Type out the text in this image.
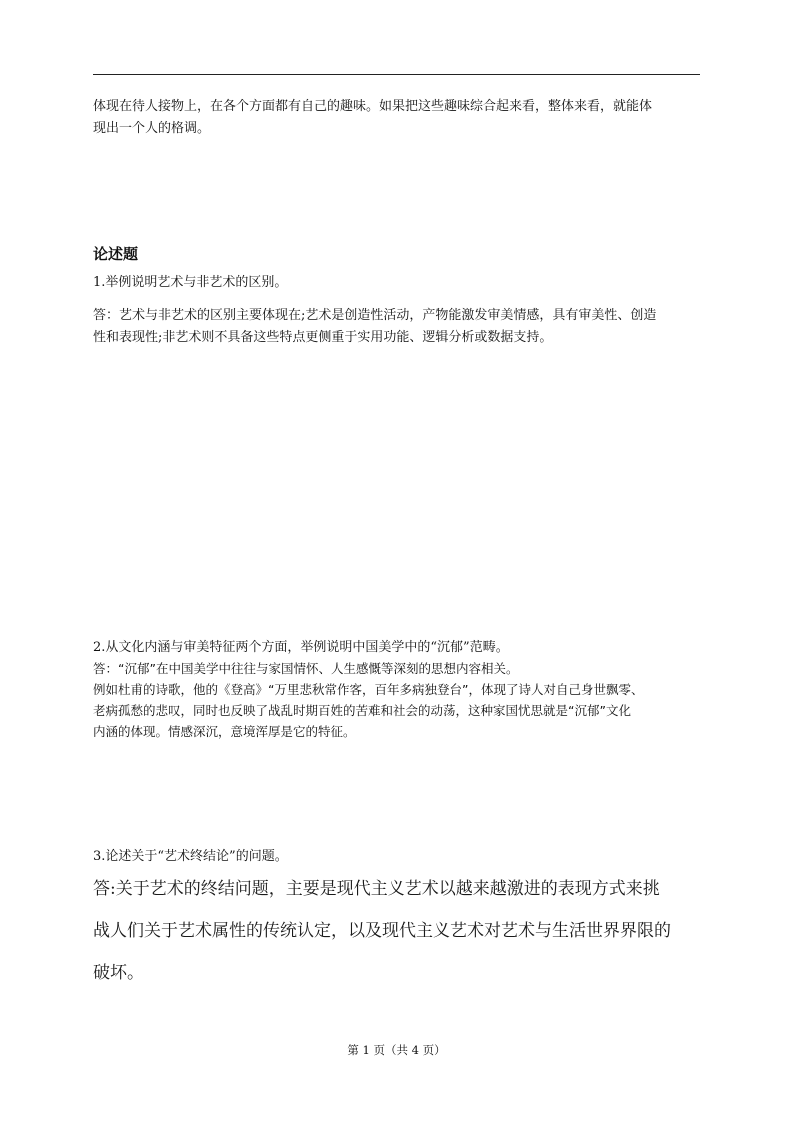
体现在待人接物上，在各个方面都有自己的趣味。如果把这些趣味综合起来看，整体来看，就能体

现出一个人的格调。

论述题

1.举例说明艺术与非艺术的区别。

答：艺术与非艺术的区别主要体现在;艺术是创造性活动，产物能激发审美情感，具有审美性、创造

性和表现性;非艺术则不具备这些特点更侧重于实用功能、逻辑分析或数据支持。

2.从文化内涵与审美特征两个方面，举例说明中国美学中的“沉郁”范畴。

答：“沉郁”在中国美学中往往与家国情怀、人生感慨等深刻的思想内容相关。

例如杜甫的诗歌，他的《登高》“万里悲秋常作客，百年多病独登台”，体现了诗人对自己身世飘零、

老病孤愁的悲叹，同时也反映了战乱时期百姓的苦难和社会的动荡，这种家国忧思就是“沉郁”文化

内涵的体现。情感深沉，意境浑厚是它的特征。

3.论述关于“艺术终结论”的问题。

答:关于艺术的终结问题，主要是现代主义艺术以越来越激进的表现方式来挑

战人们关于艺术属性的传统认定，以及现代主义艺术对艺术与生活世界界限的

破坏。

第 1 页（共 4 页）
